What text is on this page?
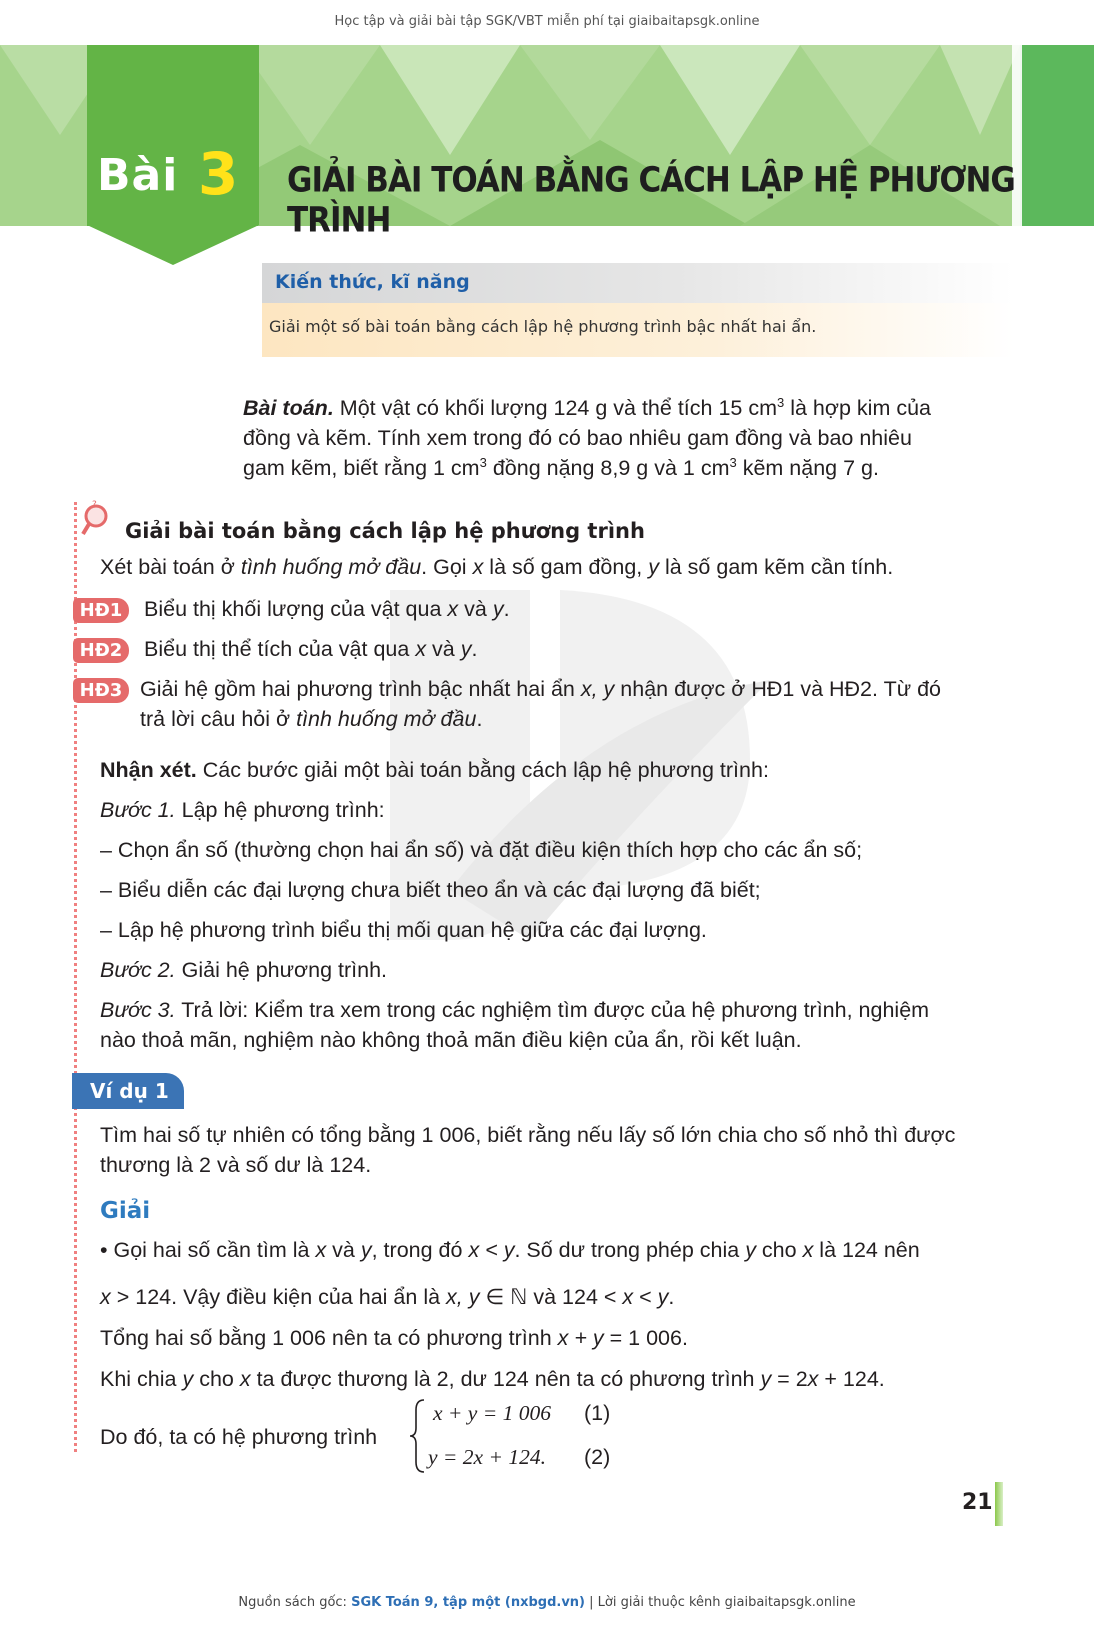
Học tập và giải bài tập SGK/VBT miễn phí tại giaibaitapsgk.online
Bài 3 GIẢI BÀI TOÁN BẰNG CÁCH LẬP HỆ PHƯƠNG TRÌNH
Kiến thức, kĩ năng
Giải một số bài toán bằng cách lập hệ phương trình bậc nhất hai ẩn.
Bài toán. Một vật có khối lượng 124 g và thể tích 15 $cm^3$ là hợp kim của
đồng và kẽm. Tính xem trong đó có bao nhiêu gam đồng và bao nhiêu
gam kẽm, biết rằng 1 $cm^3$ đồng nặng 8,9 g và 1 $cm^3$ kẽm nặng 7 g.
?
Giải bài toán bằng cách lập hệ phương trình
Xét bài toán ở tình huống mở đầu. Gọi x là số gam đồng, y là số gam kẽm cần tính.
HĐ1	Biểu thị khối lượng của vật qua x và y.
HĐ2	Biểu thị thể tích của vật qua x và y.
HĐ3 Giải hệ gồm hai phương trình bậc nhất hai ẩn x, y nhận được ở HĐ1 và HĐ2. Từ đó
trả lời câu hỏi ở tình huống mở đầu.
Nhận xét. Các bước giải một bài toán bằng cách lập hệ phương trình:
Bước 1. Lập hệ phương trình:
– Chọn ẩn số (thường chọn hai ẩn số) và đặt điều kiện thích hợp cho các ẩn số;
– Biểu diễn các đại lượng chưa biết theo ẩn và các đại lượng đã biết;
– Lập hệ phương trình biểu thị mối quan hệ giữa các đại lượng.
Bước 2. Giải hệ phương trình.
Bước 3. Trả lời: Kiểm tra xem trong các nghiệm tìm được của hệ phương trình, nghiệm
nào thoả mãn, nghiệm nào không thoả mãn điều kiện của ẩn, rồi kết luận.
Ví dụ 1
Tìm hai số tự nhiên có tổng bằng 1 006, biết rằng nếu lấy số lớn chia cho số nhỏ thì được
thương là 2 và số dư là 124.
Giải
• Gọi hai số cần tìm là x và y, trong đó x < y. Số dư trong phép chia y cho x là 124 nên
x > 124. Vậy điều kiện của hai ẩn là x, y ∈ ℕ và 124 < x < y.
Tổng hai số bằng 1 006 nên ta có phương trình x + y = 1 006.
Khi chia y cho x ta được thương là 2, dư 124 nên ta có phương trình y = 2x + 124.
Do đó, ta có hệ phương trình
x + y = 1 006 (1)
y = 2x + 124. (2)
21
Nguồn sách gốc: SGK Toán 9, tập một (nxbgd.vn) | Lời giải thuộc kênh giaibaitapsgk.online
